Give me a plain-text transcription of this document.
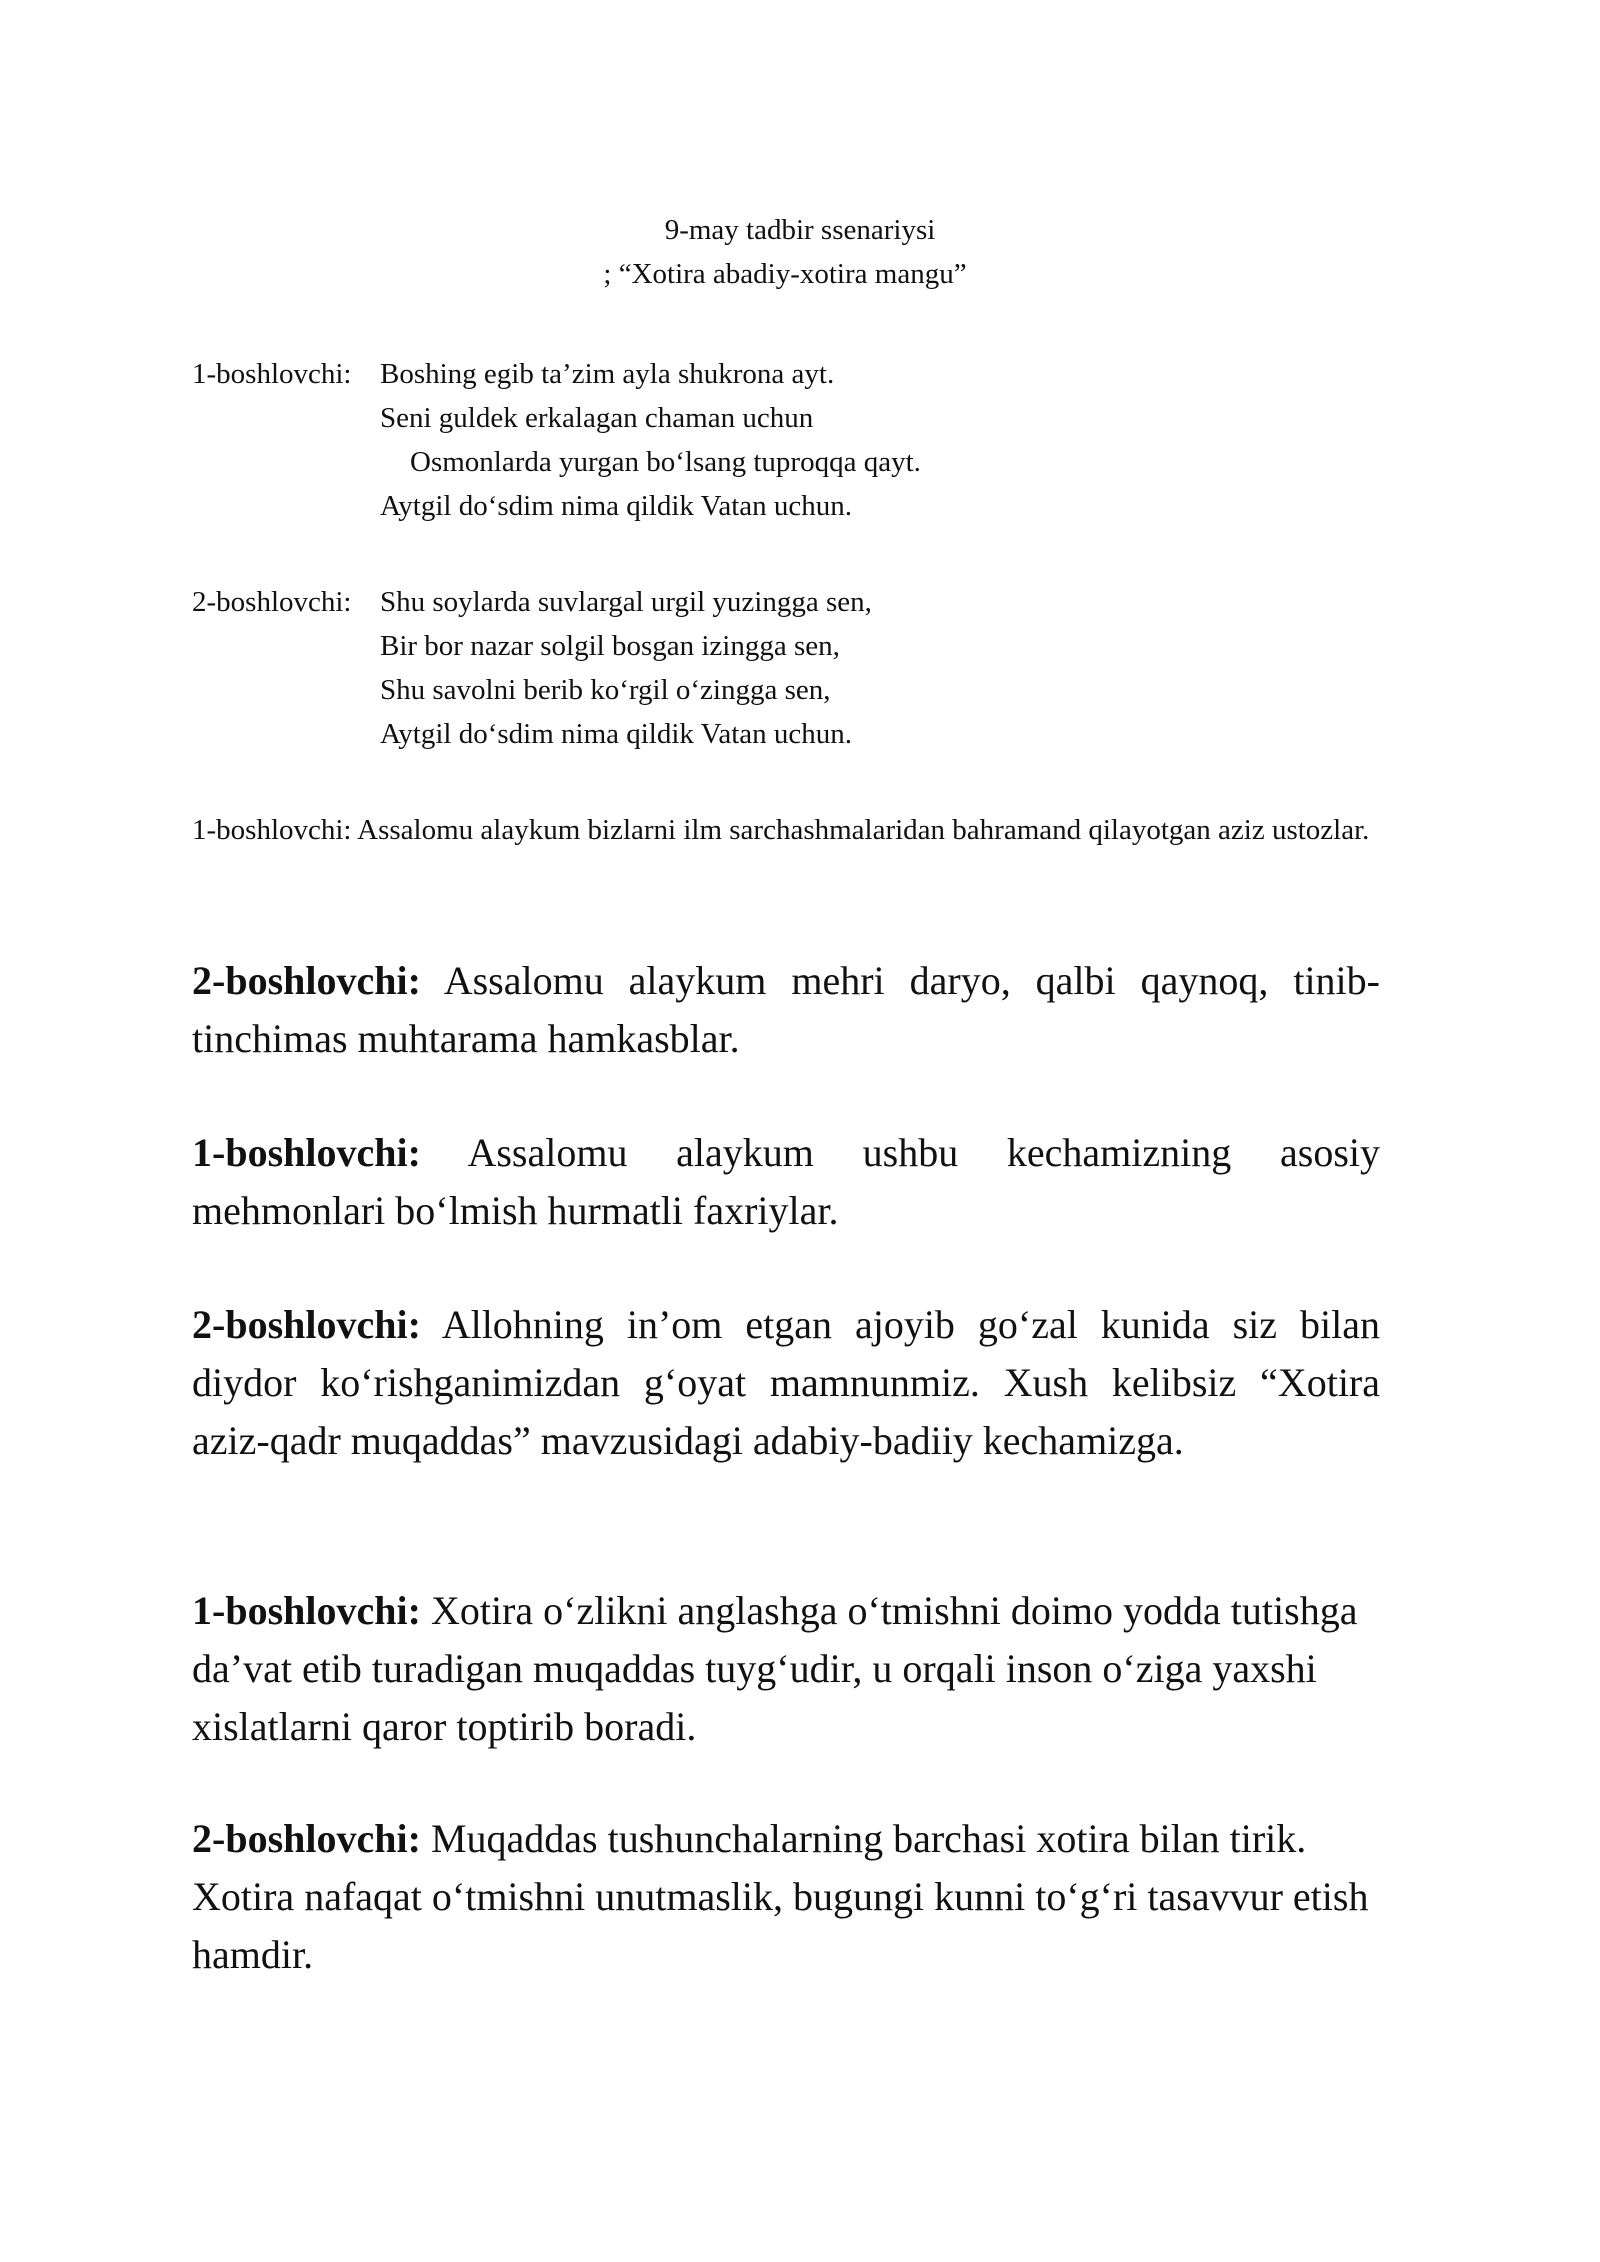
9-may tadbir ssenariysi
; “Xotira abadiy-xotira mangu”
1-boshlovchi: Boshing egib ta’zim ayla shukrona ayt.
Seni guldek erkalagan chaman uchun
Osmonlarda yurgan bo‘lsang tuproqqa qayt.
Aytgil do‘sdim nima qildik Vatan uchun.
2-boshlovchi: Shu soylarda suvlargal urgil yuzingga sen,
Bir bor nazar solgil bosgan izingga sen,
Shu savolni berib ko‘rgil o‘zingga sen,
Aytgil do‘sdim nima qildik Vatan uchun.
1-boshlovchi: Assalomu alaykum bizlarni ilm sarchashmalaridan bahramand qilayotgan aziz ustozlar.
2-boshlovchi: Assalomu alaykum mehri daryo, qalbi qaynoq, tinib-tinchimas muhtarama hamkasblar.
1-boshlovchi: Assalomu alaykum ushbu kechamizning asosiy mehmonlari bo‘lmish hurmatli faxriylar.
2-boshlovchi: Allohning in’om etgan ajoyib go‘zal kunida siz bilan diydor ko‘rishganimizdan g‘oyat mamnunmiz. Xush kelibsiz “Xotira aziz-qadr muqaddas” mavzusidagi adabiy-badiiy kechamizga.
1-boshlovchi: Xotira o‘zlikni anglashga o‘tmishni doimo yodda tutishga da’vat etib turadigan muqaddas tuyg‘udir, u orqali inson o‘ziga yaxshi xislatlarni qaror toptirib boradi.
2-boshlovchi: Muqaddas tushunchalarning barchasi xotira bilan tirik. Xotira nafaqat o‘tmishni unutmaslik, bugungi kunni to‘g‘ri tasavvur etish hamdir.
